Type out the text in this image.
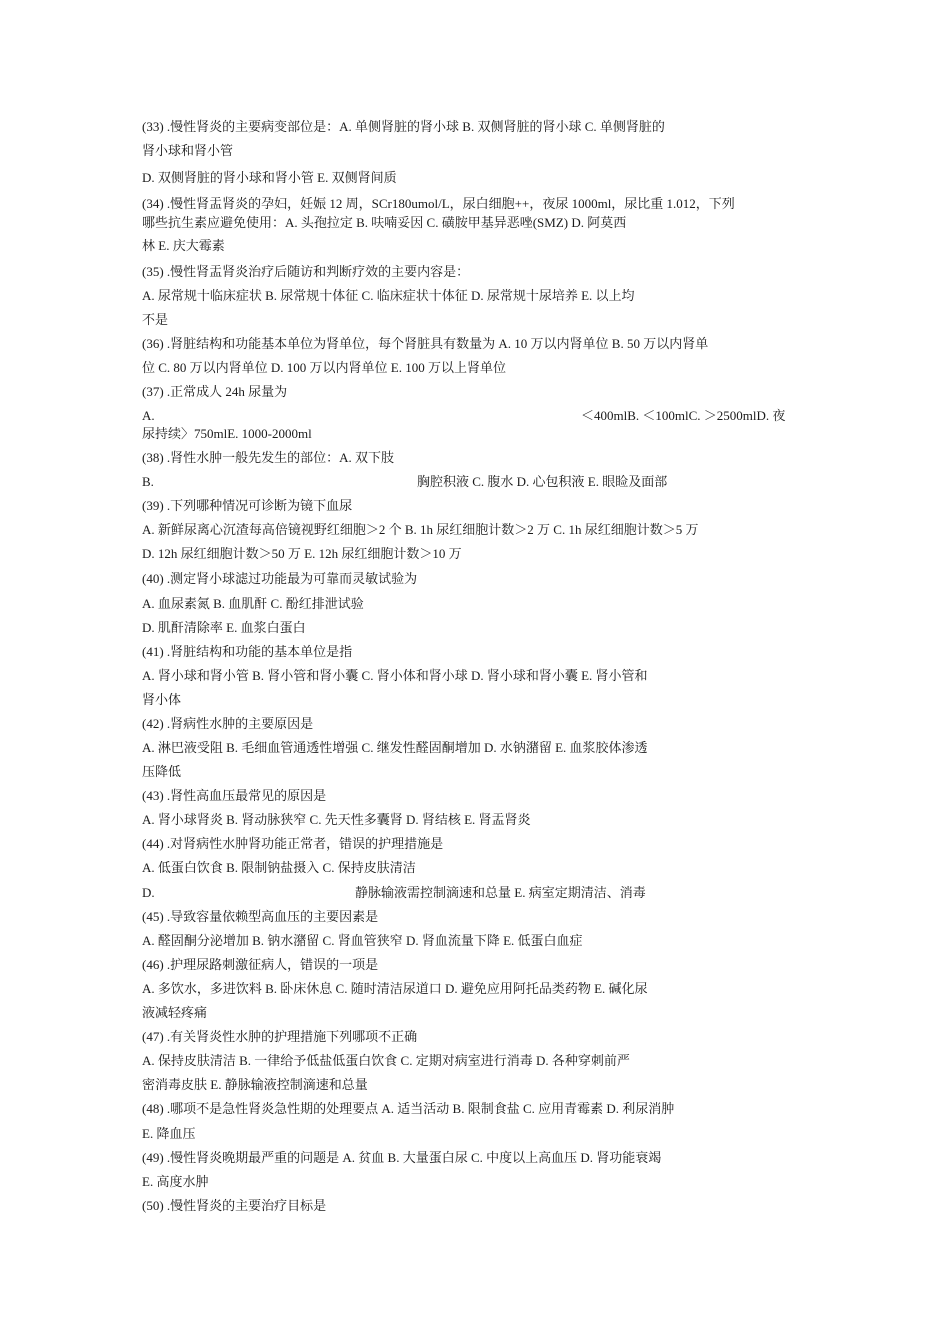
(33) .慢性肾炎的主要病变部位是：A. 单侧肾脏的肾小球 B. 双侧肾脏的肾小球 C. 单侧肾脏的
肾小球和肾小管
D. 双侧肾脏的肾小球和肾小管 E. 双侧肾间质
(34) .慢性肾盂肾炎的孕妇，妊娠 12 周，SCr180umol/L，尿白细胞++，夜尿 1000ml，尿比重 1.012，下列
哪些抗生素应避免使用：A. 头孢拉定 B. 呋喃妥因 C. 磺胺甲基异恶唑(SMZ) D. 阿莫西
林 E. 庆大霉素
(35) .慢性肾盂肾炎治疗后随访和判断疗效的主要内容是：
A. 尿常规十临床症状 B. 尿常规十体征 C. 临床症状十体征 D. 尿常规十尿培养 E. 以上均
不是
(36) .肾脏结构和功能基本单位为肾单位，每个肾脏具有数量为 A. 10 万以内肾单位 B. 50 万以内肾单
位 C. 80 万以内肾单位 D. 100 万以内肾单位 E. 100 万以上肾单位
(37) .正常成人 24h 尿量为
A.	＜400mlB. ＜100mlC. ＞2500mlD. 夜
尿持续〉750mlE. 1000-2000ml
(38) .肾性水肿一般先发生的部位：A. 双下肢
B.	胸腔积液 C. 腹水 D. 心包积液 E. 眼睑及面部
(39) .下列哪种情况可诊断为镜下血尿
A. 新鲜尿离心沉渣每高倍镜视野红细胞＞2 个 B. 1h 尿红细胞计数＞2 万 C. 1h 尿红细胞计数＞5 万
D. 12h 尿红细胞计数＞50 万 E. 12h 尿红细胞计数＞10 万
(40) .测定肾小球滤过功能最为可靠而灵敏试验为
A. 血尿素氮 B. 血肌酐 C. 酚红排泄试验
D. 肌酐清除率 E. 血浆白蛋白
(41) .肾脏结构和功能的基本单位是指
A. 肾小球和肾小管 B. 肾小管和肾小囊 C. 肾小体和肾小球 D. 肾小球和肾小囊 E. 肾小管和
肾小体
(42) .肾病性水肿的主要原因是
A. 淋巴液受阻 B. 毛细血管通透性增强 C. 继发性醛固酮增加 D. 水钠潴留 E. 血浆胶体渗透
压降低
(43) .肾性高血压最常见的原因是
A. 肾小球肾炎 B. 肾动脉狭窄 C. 先天性多囊肾 D. 肾结核 E. 肾盂肾炎
(44) .对肾病性水肿肾功能正常者，错误的护理措施是
A. 低蛋白饮食 B. 限制钠盐摄入 C. 保持皮肤清洁
D.	静脉输液需控制滴速和总量 E. 病室定期清洁、消毒
(45) .导致容量依赖型高血压的主要因素是
A. 醛固酮分泌增加 B. 钠水潴留 C. 肾血管狭窄 D. 肾血流量下降 E. 低蛋白血症
(46) .护理尿路刺激征病人，错误的一项是
A. 多饮水，多进饮料 B. 卧床休息 C. 随时清洁尿道口 D. 避免应用阿托品类药物 E. 碱化尿
液减轻疼痛
(47) .有关肾炎性水肿的护理措施下列哪项不正确
A. 保持皮肤清洁 B. 一律给予低盐低蛋白饮食 C. 定期对病室进行消毒 D. 各种穿刺前严
密消毒皮肤 E. 静脉输液控制滴速和总量
(48) .哪项不是急性肾炎急性期的处理要点 A. 适当活动 B. 限制食盐 C. 应用青霉素 D. 利尿消肿
E. 降血压
(49) .慢性肾炎晚期最严重的问题是 A. 贫血 B. 大量蛋白尿 C. 中度以上高血压 D. 肾功能衰竭
E. 高度水肿
(50) .慢性肾炎的主要治疗目标是
